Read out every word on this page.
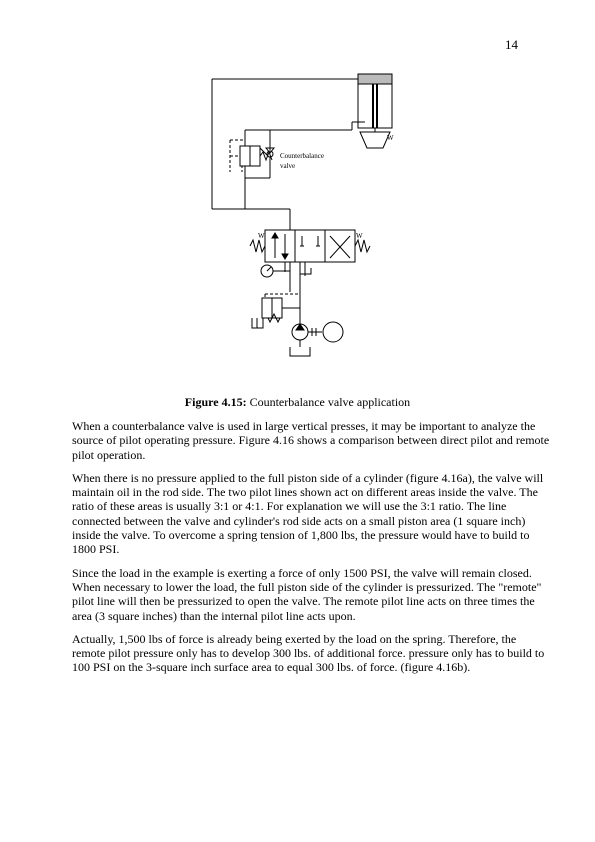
14
Counterbalance
valve
W
W	W
Figure 4.15: Counterbalance valve application

When a counterbalance valve is used in large vertical presses, it may be important to analyze the source of pilot operating pressure. Figure 4.16 shows a comparison between direct pilot and remote pilot operation.

When there is no pressure applied to the full piston side of a cylinder (figure 4.16a), the valve will maintain oil in the rod side. The two pilot lines shown act on different areas inside the valve. The ratio of these areas is usually 3:1 or 4:1. For explanation we will use the 3:1 ratio. The line connected between the valve and cylinder's rod side acts on a small piston area (1 square inch) inside the valve. To overcome a spring tension of 1,800 lbs, the pressure would have to build to 1800 PSI.

Since the load in the example is exerting a force of only 1500 PSI, the valve will remain closed. When necessary to lower the load, the full piston side of the cylinder is pressurized. The "remote" pilot line will then be pressurized to open the valve. The remote pilot line acts on three times the area (3 square inches) than the internal pilot line acts upon.

Actually, 1,500 lbs of force is already being exerted by the load on the spring. Therefore, the remote pilot pressure only has to develop 300 lbs. of additional force. pressure only has to build to 100 PSI on the 3-square inch surface area to equal 300 lbs. of force. (figure 4.16b).
